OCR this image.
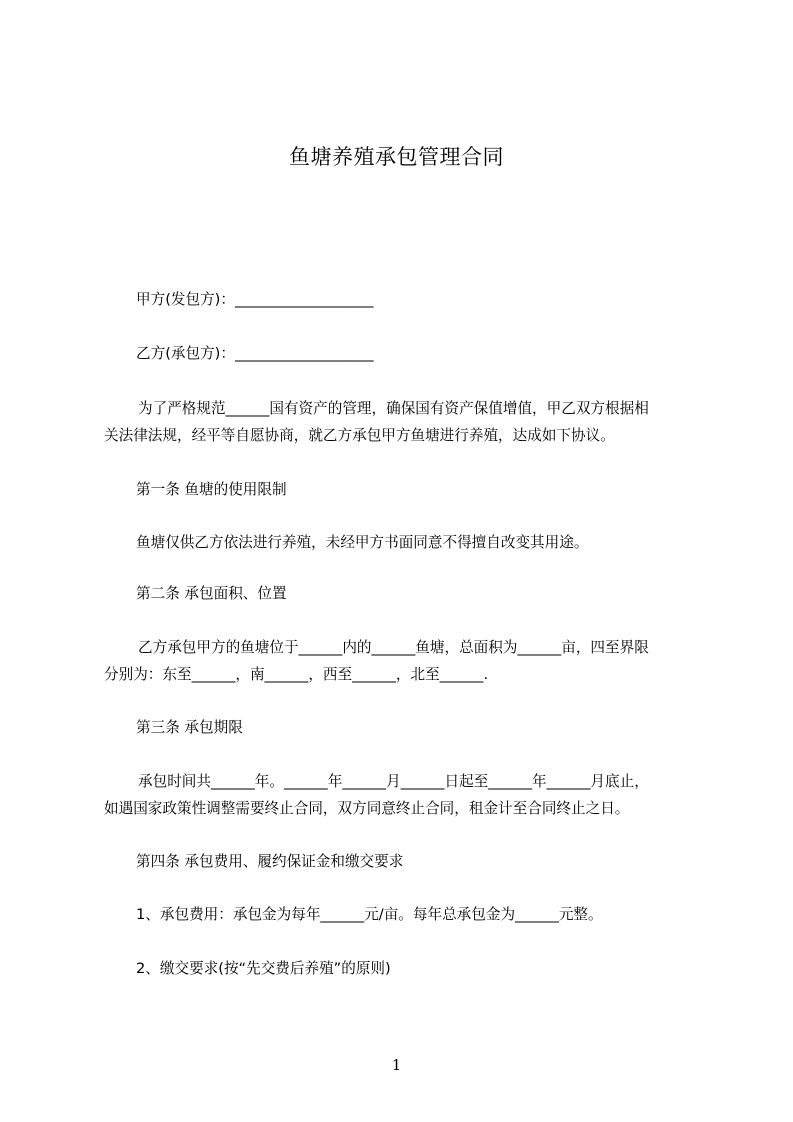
鱼塘养殖承包管理合同
甲方(发包方)：___________________
乙方(承包方)：___________________
为了严格规范______国有资产的管理，确保国有资产保值增值，甲乙双方根据相
关法律法规，经平等自愿协商，就乙方承包甲方鱼塘进行养殖，达成如下协议。
第一条 鱼塘的使用限制
鱼塘仅供乙方依法进行养殖，未经甲方书面同意不得擅自改变其用途。
第二条 承包面积、位置
乙方承包甲方的鱼塘位于______内的______鱼塘，总面积为______亩，四至界限
分别为：东至______，南______，西至______，北至______.
第三条 承包期限
承包时间共______年。______年______月______日起至______年______月底止，
如遇国家政策性调整需要终止合同，双方同意终止合同，租金计至合同终止之日。
第四条 承包费用、履约保证金和缴交要求
1、承包费用：承包金为每年______元/亩。每年总承包金为______元整。
2、缴交要求(按“先交费后养殖”的原则)
1
